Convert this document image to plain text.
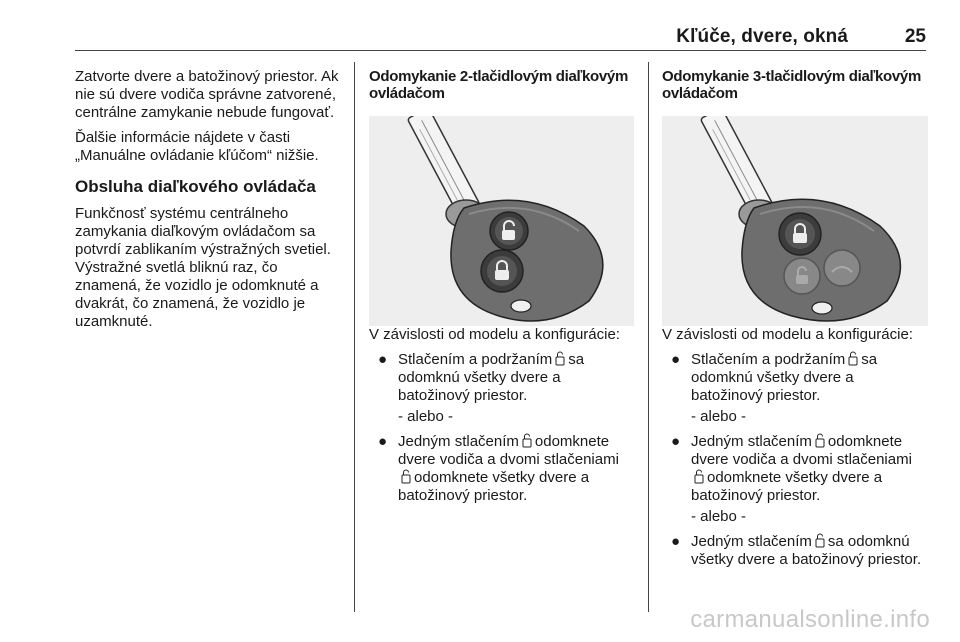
Kľúče, dvere, okná	25

Zatvorte dvere a batožinový priestor. Ak nie sú dvere vodiča správne zatvorené, centrálne zamykanie nebude fungovať.

Ďalšie informácie nájdete v časti „Manuálne ovládanie kľúčom“ nižšie.

Obsluha diaľkového ovládača

Funkčnosť systému centrálneho zamykania diaľkovým ovládačom sa potvrdí zablikaním výstražných svetiel. Výstražné svetlá bliknú raz, čo znamená, že vozidlo je odomknuté a dvakrát, čo znamená, že vozidlo je uzamknuté.

Odomykanie 2-tlačidlovým diaľkovým ovládačom

V závislosti od modelu a konfigurácie:

● Stlačením a podržaním sa odomknú všetky dvere a batožinový priestor.

- alebo -

● Jedným stlačením odomknete dvere vodiča a dvomi stlačeniami odomknete všetky dvere a batožinový priestor.
Odomykanie 3-tlačidlovým diaľkovým ovládačom

V závislosti od modelu a konfigurácie:

● Stlačením a podržaním sa odomknú všetky dvere a batožinový priestor.

- alebo -

● Jedným stlačením odomknete dvere vodiča a dvomi stlačeniami odomknete všetky dvere a batožinový priestor.

- alebo -

● Jedným stlačením sa odomknú všetky dvere a batožinový priestor.
carmanualsonline.info
